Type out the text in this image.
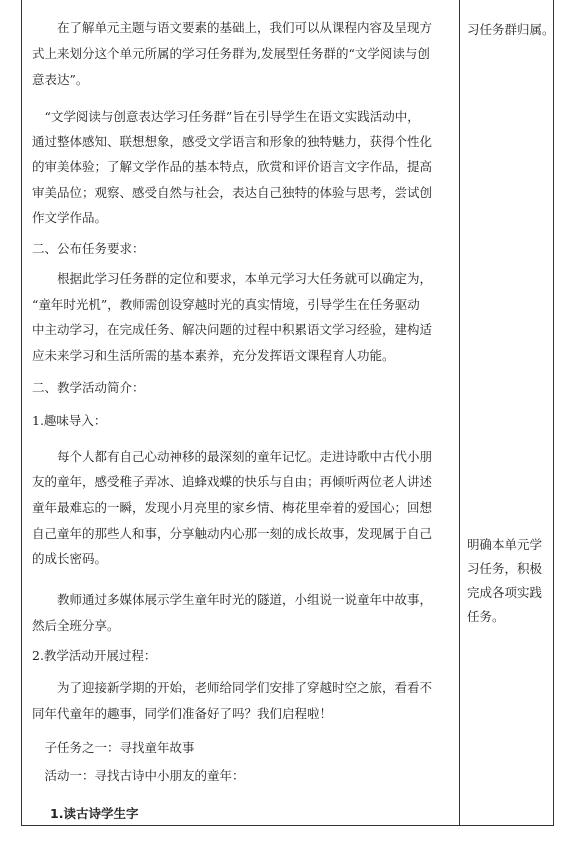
　　在了解单元主题与语文要素的基础上，我们可以从课程内容及呈现方
式上来划分这个单元所属的学习任务群为,发展型任务群的“文学阅读与创
意表达”。
　“文学阅读与创意表达学习任务群”旨在引导学生在语文实践活动中，
通过整体感知、联想想象，感受文学语言和形象的独特魅力，获得个性化
的审美体验；了解文学作品的基本特点，欣赏和评价语言文字作品，提高
审美品位；观察、感受自然与社会，表达自己独特的体验与思考，尝试创
作文学作品。
二、公布任务要求：
　　根据此学习任务群的定位和要求，本单元学习大任务就可以确定为，
“童年时光机”，教师需创设穿越时光的真实情境，引导学生在任务驱动
中主动学习，在完成任务、解决问题的过程中积累语文学习经验，建构适
应未来学习和生活所需的基本素养，充分发挥语文课程育人功能。
二、教学活动简介：
1.趣味导入：
　　每个人都有自己心动神移的最深刻的童年记忆。走进诗歌中古代小朋
友的童年，感受稚子弄冰、追蜂戏蝶的快乐与自由；再倾听两位老人讲述
童年最难忘的一瞬，发现小月亮里的家乡情、梅花里牵着的爱国心；回想
自己童年的那些人和事，分享触动内心那一刻的成长故事，发现属于自己
的成长密码。
　　教师通过多媒体展示学生童年时光的隧道，小组说一说童年中故事，
然后全班分享。
2.教学活动开展过程：
　　为了迎接新学期的开始，老师给同学们安排了穿越时空之旅，看看不
同年代童年的趣事，同学们准备好了吗？我们启程啦！
　子任务之一：寻找童年故事
　活动一：寻找古诗中小朋友的童年：
1.读古诗学生字
习任务群归属。
明确本单元学
习任务，积极
完成各项实践
任务。
